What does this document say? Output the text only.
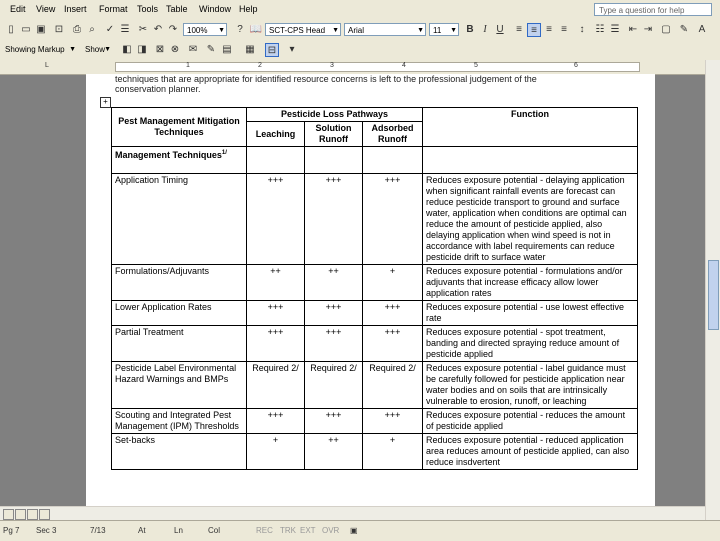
Edit View Insert Format Tools Table Window Help	Type a question for help
▯ ▭ ▣ ⊡ ⎙ ⌕	✓ ☰ ✂ ↶ ↷	100% ▼	? 📖 SCT-CPS Head ▼	Arial	▼	11 ▼ B I U	≡ ≡ ≡ ≡	↕	☷ ☰ ⇤ ⇥ ▢ ✎	A
Showing Markup ▼	Show ▼ ◧ ◨ ⊠ ⊗ ✉ ✎ ▤ ▦ ⊟	▾
L	1	2	3	4	5	6
techniques that are appropriate for identified resource concerns is left to the professional judgement of the
conservation planner.
+
Pest Management Mitigation Techniques	Pesticide Loss Pathways			Function
	Leaching	Solution Runoff	Adsorbed Runoff	
Management Techniques$^{1/}$				
Application Timing	+++	+++	+++	Reduces exposure potential - delaying application when significant rainfall events are forecast can reduce pesticide transport to ground and surface water, application when conditions are optimal can reduce the amount of pesticide applied, also delaying application when wind speed is not in accordance with label requirements can reduce pesticide drift to surface water
Formulations/Adjuvants	++	++	+	Reduces exposure potential - formulations and/or adjuvants that increase efficacy allow lower application rates
Lower Application Rates	+++	+++	+++	Reduces exposure potential - use lowest effective rate
Partial Treatment	+++	+++	+++	Reduces exposure potential - spot treatment, banding and directed spraying reduce amount of pesticide applied
Pesticide Label Environmental Hazard Warnings and BMPs	Required 2/	Required 2/	Required 2/	Reduces exposure potential - label guidance must be carefully followed for pesticide application near water bodies and on soils that are intrinsically vulnerable to erosion, runoff, or leaching
Scouting and Integrated Pest Management (IPM) Thresholds	+++	+++	+++	Reduces exposure potential - reduces the amount of pesticide applied
Set-backs	+	++	+	Reduces exposure potential - reduced application area reduces amount of pesticide applied, can also reduce insdvertent
Pg 7 Sec 3	7/13	At	Ln	Col	REC TRK EXT OVR ▣
